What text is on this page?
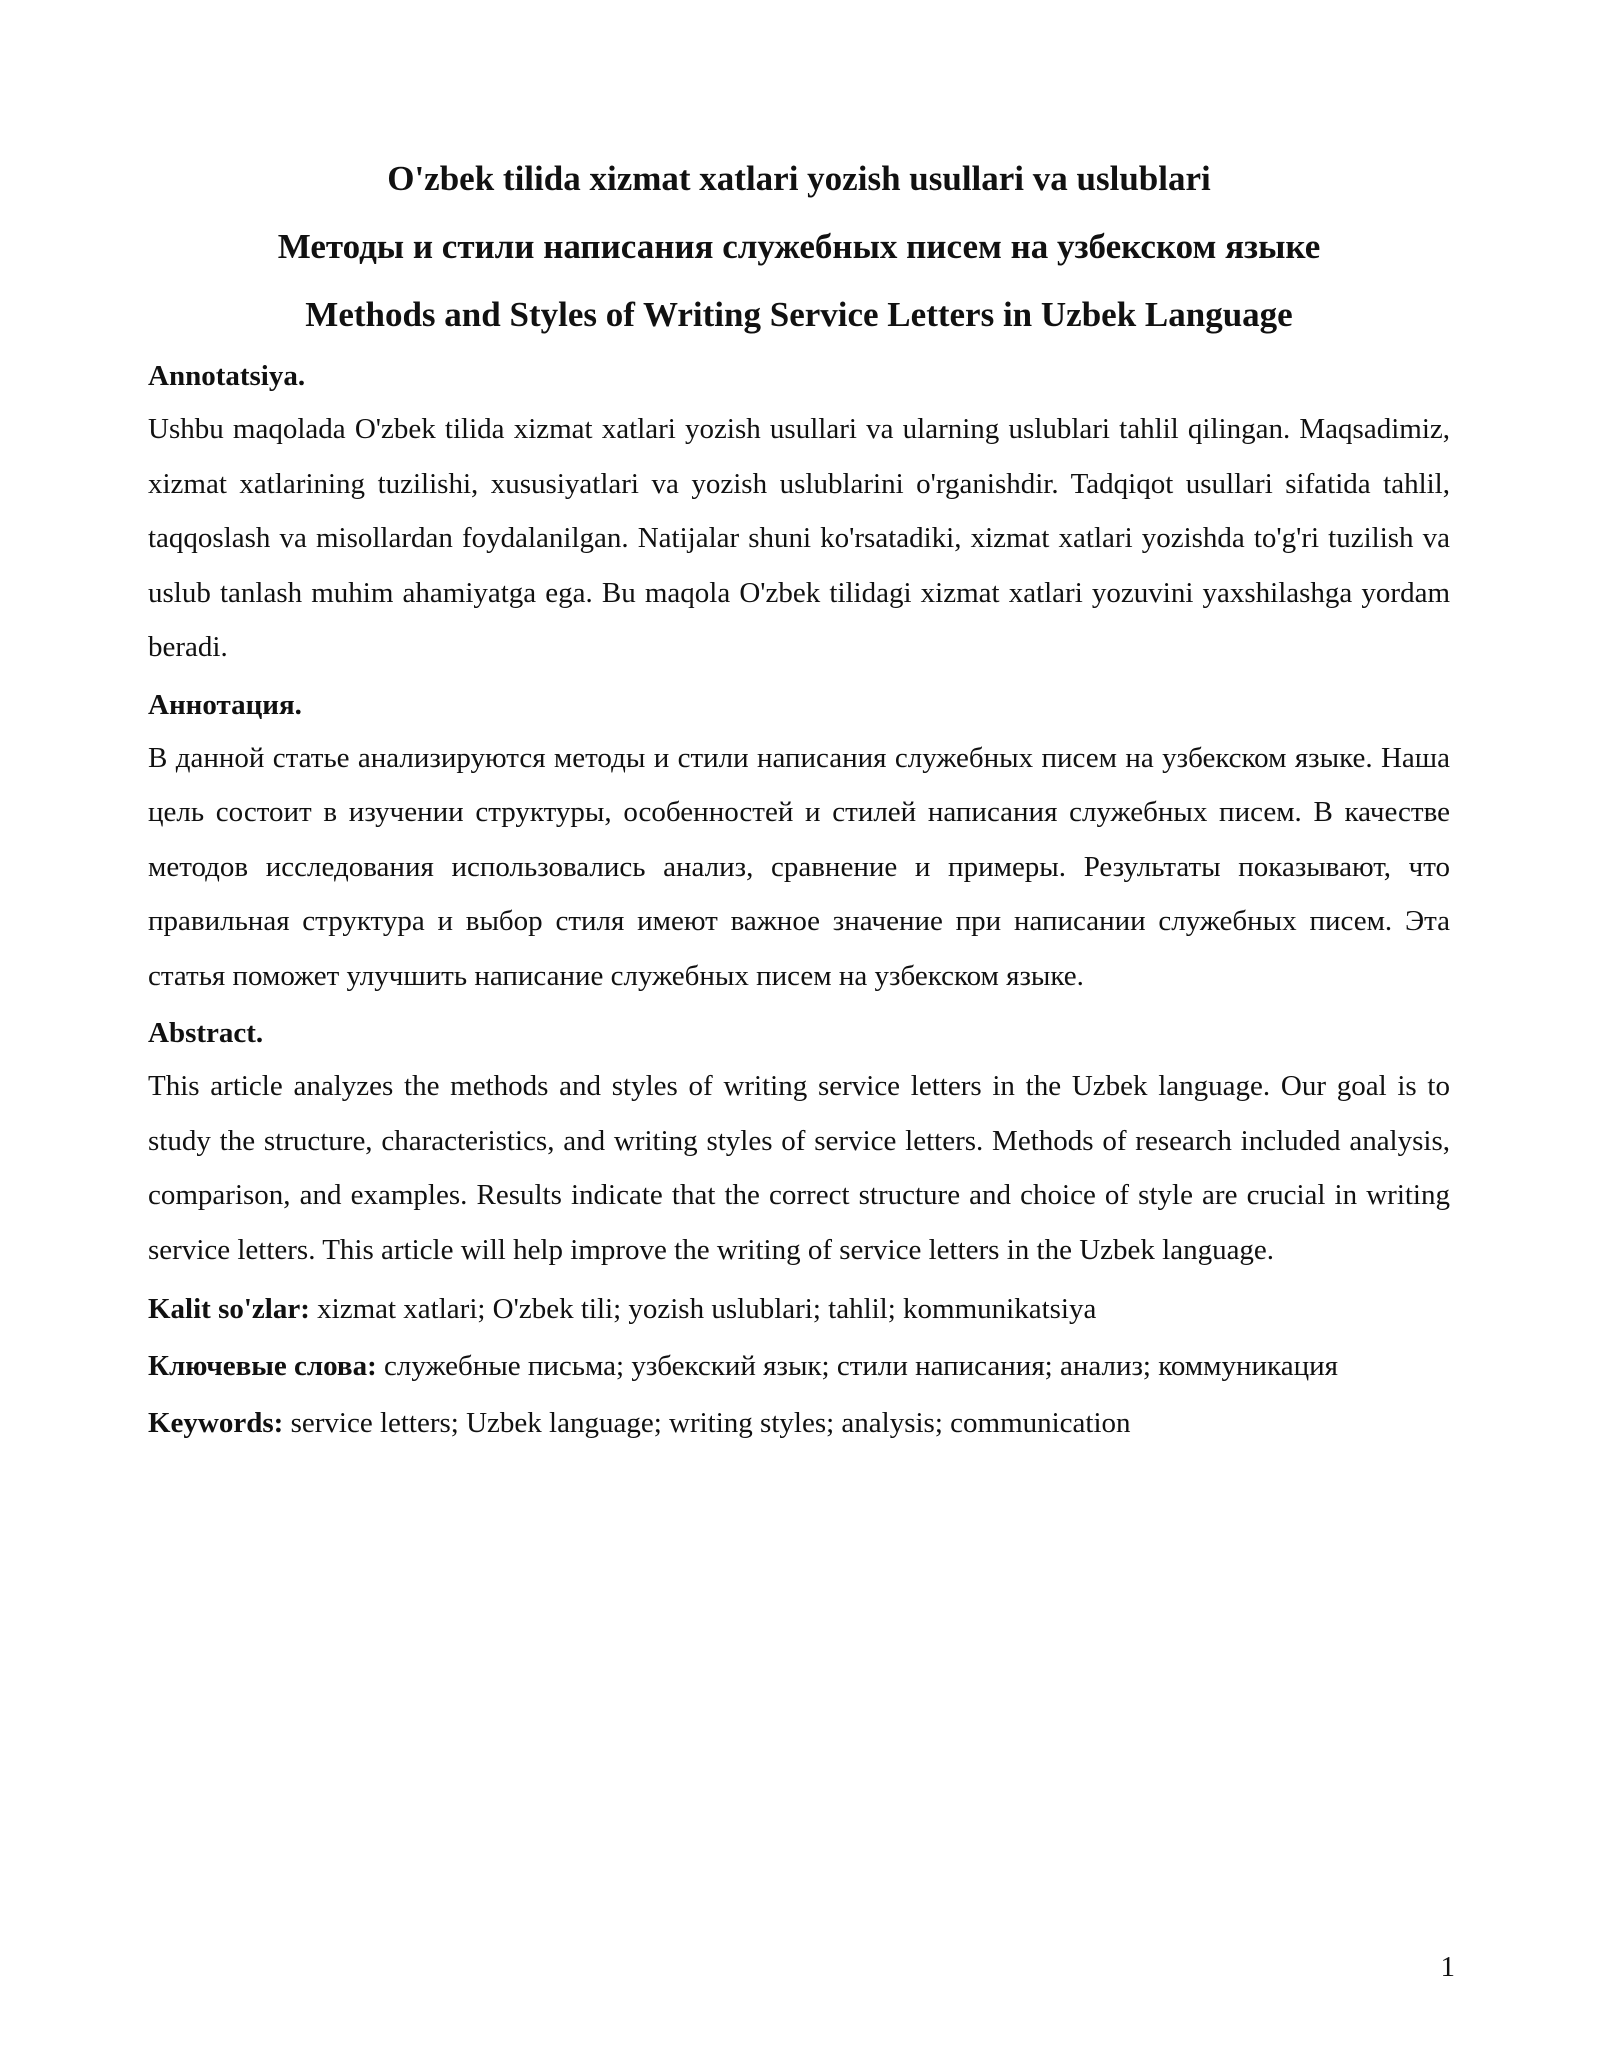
O'zbek tilida xizmat xatlari yozish usullari va uslublari

Методы и стили написания служебных писем на узбекском языке

Methods and Styles of Writing Service Letters in Uzbek Language

Annotatsiya.

Ushbu maqolada O'zbek tilida xizmat xatlari yozish usullari va ularning uslublari tahlil qilingan. Maqsadimiz, xizmat xatlarining tuzilishi, xususiyatlari va yozish uslublarini o'rganishdir. Tadqiqot usullari sifatida tahlil, taqqoslash va misollardan foydalanilgan. Natijalar shuni ko'rsatadiki, xizmat xatlari yozishda to'g'ri tuzilish va uslub tanlash muhim ahamiyatga ega. Bu maqola O'zbek tilidagi xizmat xatlari yozuvini yaxshilashga yordam beradi.

Аннотация.

В данной статье анализируются методы и стили написания служебных писем на узбекском языке. Наша цель состоит в изучении структуры, особенностей и стилей написания служебных писем. В качестве методов исследования использовались анализ, сравнение и примеры. Результаты показывают, что правильная структура и выбор стиля имеют важное значение при написании служебных писем. Эта статья поможет улучшить написание служебных писем на узбекском языке.

Abstract.

This article analyzes the methods and styles of writing service letters in the Uzbek language. Our goal is to study the structure, characteristics, and writing styles of service letters. Methods of research included analysis, comparison, and examples. Results indicate that the correct structure and choice of style are crucial in writing service letters. This article will help improve the writing of service letters in the Uzbek language.

Kalit so'zlar: xizmat xatlari; O'zbek tili; yozish uslublari; tahlil; kommunikatsiya

Ключевые слова: служебные письма; узбекский язык; стили написания; анализ; коммуникация

Keywords: service letters; Uzbek language; writing styles; analysis; communication

1
